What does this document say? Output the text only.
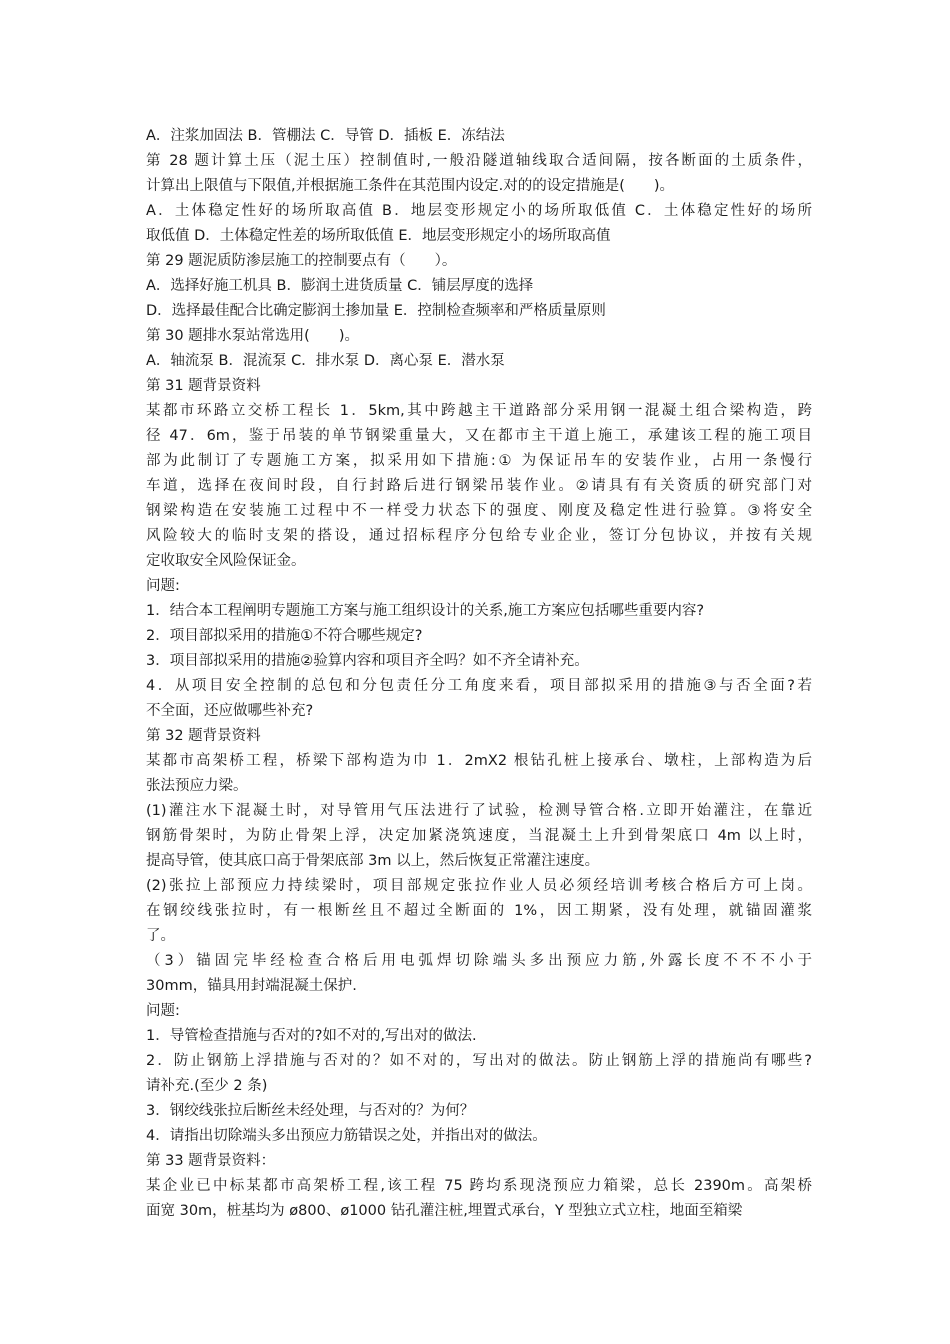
A．注浆加固法 B．管棚法 C．导管 D．插板 E．冻结法
第 28 题计算土压（泥土压）控制值时,一般沿隧道轴线取合适间隔，按各断面的土质条件，
计算出上限值与下限值,并根据施工条件在其范围内设定.对的的设定措施是(　　)。
A．土体稳定性好的场所取高值 B．地层变形规定小的场所取低值 C．土体稳定性好的场所
取低值 D．土体稳定性差的场所取低值 E．地层变形规定小的场所取高值
第 29 题泥质防渗层施工的控制要点有（　　）。
A．选择好施工机具 B．膨润土进货质量 C．铺层厚度的选择
D．选择最佳配合比确定膨润土掺加量 E．控制检查频率和严格质量原则
第 30 题排水泵站常选用(　　)。
A．轴流泵 B．混流泵 C．排水泵 D．离心泵 E．潜水泵
第 31 题背景资料
某都市环路立交桥工程长 1．5km,其中跨越主干道路部分采用钢一混凝土组合梁构造，跨
径 47．6m，鉴于吊装的单节钢梁重量大，又在都市主干道上施工，承建该工程的施工项目
部为此制订了专题施工方案，拟采用如下措施:① 为保证吊车的安装作业，占用一条慢行
车道，选择在夜间时段，自行封路后进行钢梁吊装作业。②请具有有关资质的研究部门对
钢梁构造在安装施工过程中不一样受力状态下的强度、刚度及稳定性进行验算。③将安全
风险较大的临时支架的搭设，通过招标程序分包给专业企业，签订分包协议，并按有关规
定收取安全风险保证金。
问题:
1．结合本工程阐明专题施工方案与施工组织设计的关系,施工方案应包括哪些重要内容?
2．项目部拟采用的措施①不符合哪些规定?
3．项目部拟采用的措施②验算内容和项目齐全吗？如不齐全请补充。
4．从项目安全控制的总包和分包责任分工角度来看，项目部拟采用的措施③与否全面?若
不全面，还应做哪些补充?
第 32 题背景资料
某都市高架桥工程，桥梁下部构造为巾 1．2mX2 根钻孔桩上接承台、墩柱，上部构造为后
张法预应力梁。
(1)灌注水下混凝土时，对导管用气压法进行了试验，检测导管合格.立即开始灌注，在靠近
钢筋骨架时，为防止骨架上浮，决定加紧浇筑速度，当混凝土上升到骨架底口 4m 以上时，
提高导管，使其底口高于骨架底部 3m 以上，然后恢复正常灌注速度。
(2)张拉上部预应力持续梁时，项目部规定张拉作业人员必须经培训考核合格后方可上岗。
在钢绞线张拉时，有一根断丝且不超过全断面的 1%，因工期紧，没有处理，就锚固灌浆
了。
（3）锚固完毕经检查合格后用电弧焊切除端头多出预应力筋,外露长度不不不小于
30mm，锚具用封端混凝土保护.
问题:
1．导管检查措施与否对的?如不对的,写出对的做法.
2．防止钢筋上浮措施与否对的？如不对的，写出对的做法。防止钢筋上浮的措施尚有哪些?
请补充.(至少 2 条)
3．钢绞线张拉后断丝未经处理，与否对的？为何？
4．请指出切除端头多出预应力筋错误之处，并指出对的做法。
第 33 题背景资料：
某企业已中标某都市高架桥工程,该工程 75 跨均系现浇预应力箱梁，总长 2390m。高架桥
面宽 30m，桩基均为 ø800、ø1000 钻孔灌注桩,埋置式承台，Y 型独立式立柱，地面至箱梁
